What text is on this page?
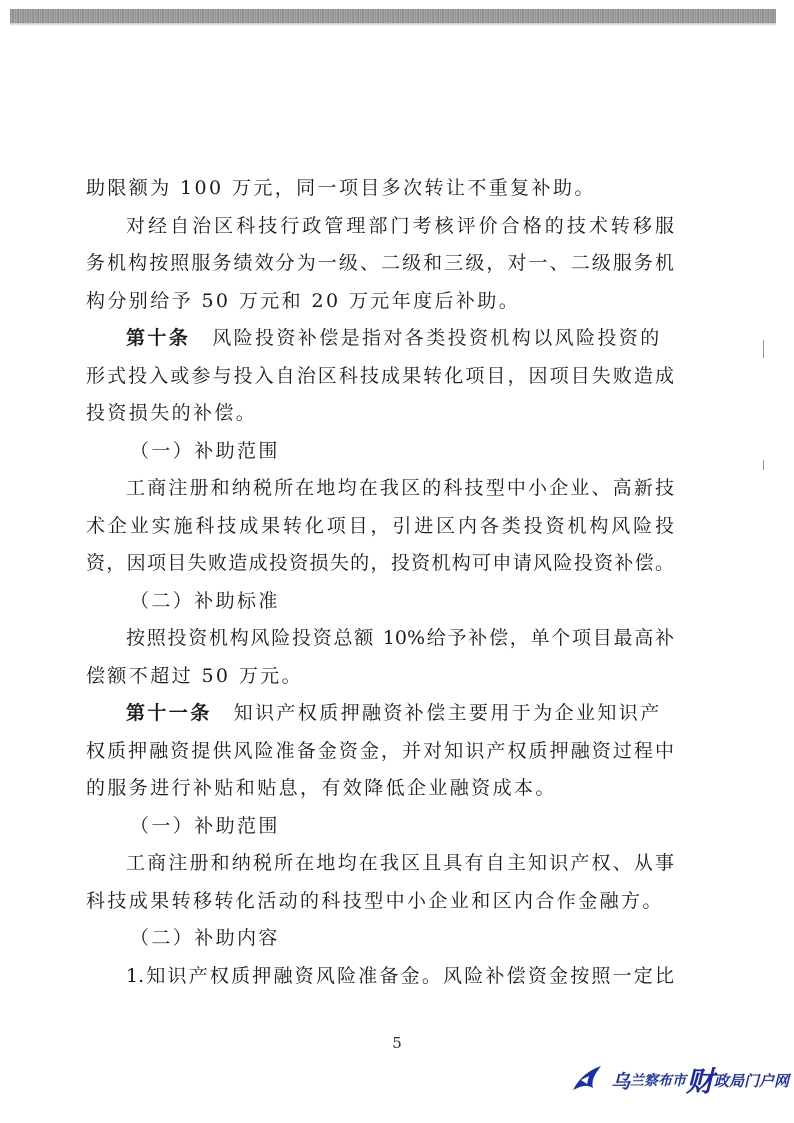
助限额为 100 万元，同一项目多次转让不重复补助。
对经自治区科技行政管理部门考核评价合格的技术转移服
务机构按照服务绩效分为一级、二级和三级，对一、二级服务机
构分别给予 50 万元和 20 万元年度后补助。
第十条 风险投资补偿是指对各类投资机构以风险投资的
形式投入或参与投入自治区科技成果转化项目，因项目失败造成
投资损失的补偿。
（一）补助范围
工商注册和纳税所在地均在我区的科技型中小企业、高新技
术企业实施科技成果转化项目，引进区内各类投资机构风险投
资，因项目失败造成投资损失的，投资机构可申请风险投资补偿。
（二）补助标准
按照投资机构风险投资总额 10%给予补偿，单个项目最高补
偿额不超过 50 万元。
第十一条 知识产权质押融资补偿主要用于为企业知识产
权质押融资提供风险准备金资金，并对知识产权质押融资过程中
的服务进行补贴和贴息，有效降低企业融资成本。
（一）补助范围
工商注册和纳税所在地均在我区且具有自主知识产权、从事
科技成果转移转化活动的科技型中小企业和区内合作金融方。
（二）补助内容
1.知识产权质押融资风险准备金。风险补偿资金按照一定比
5
乌 兰察布市 财 政局门户网
